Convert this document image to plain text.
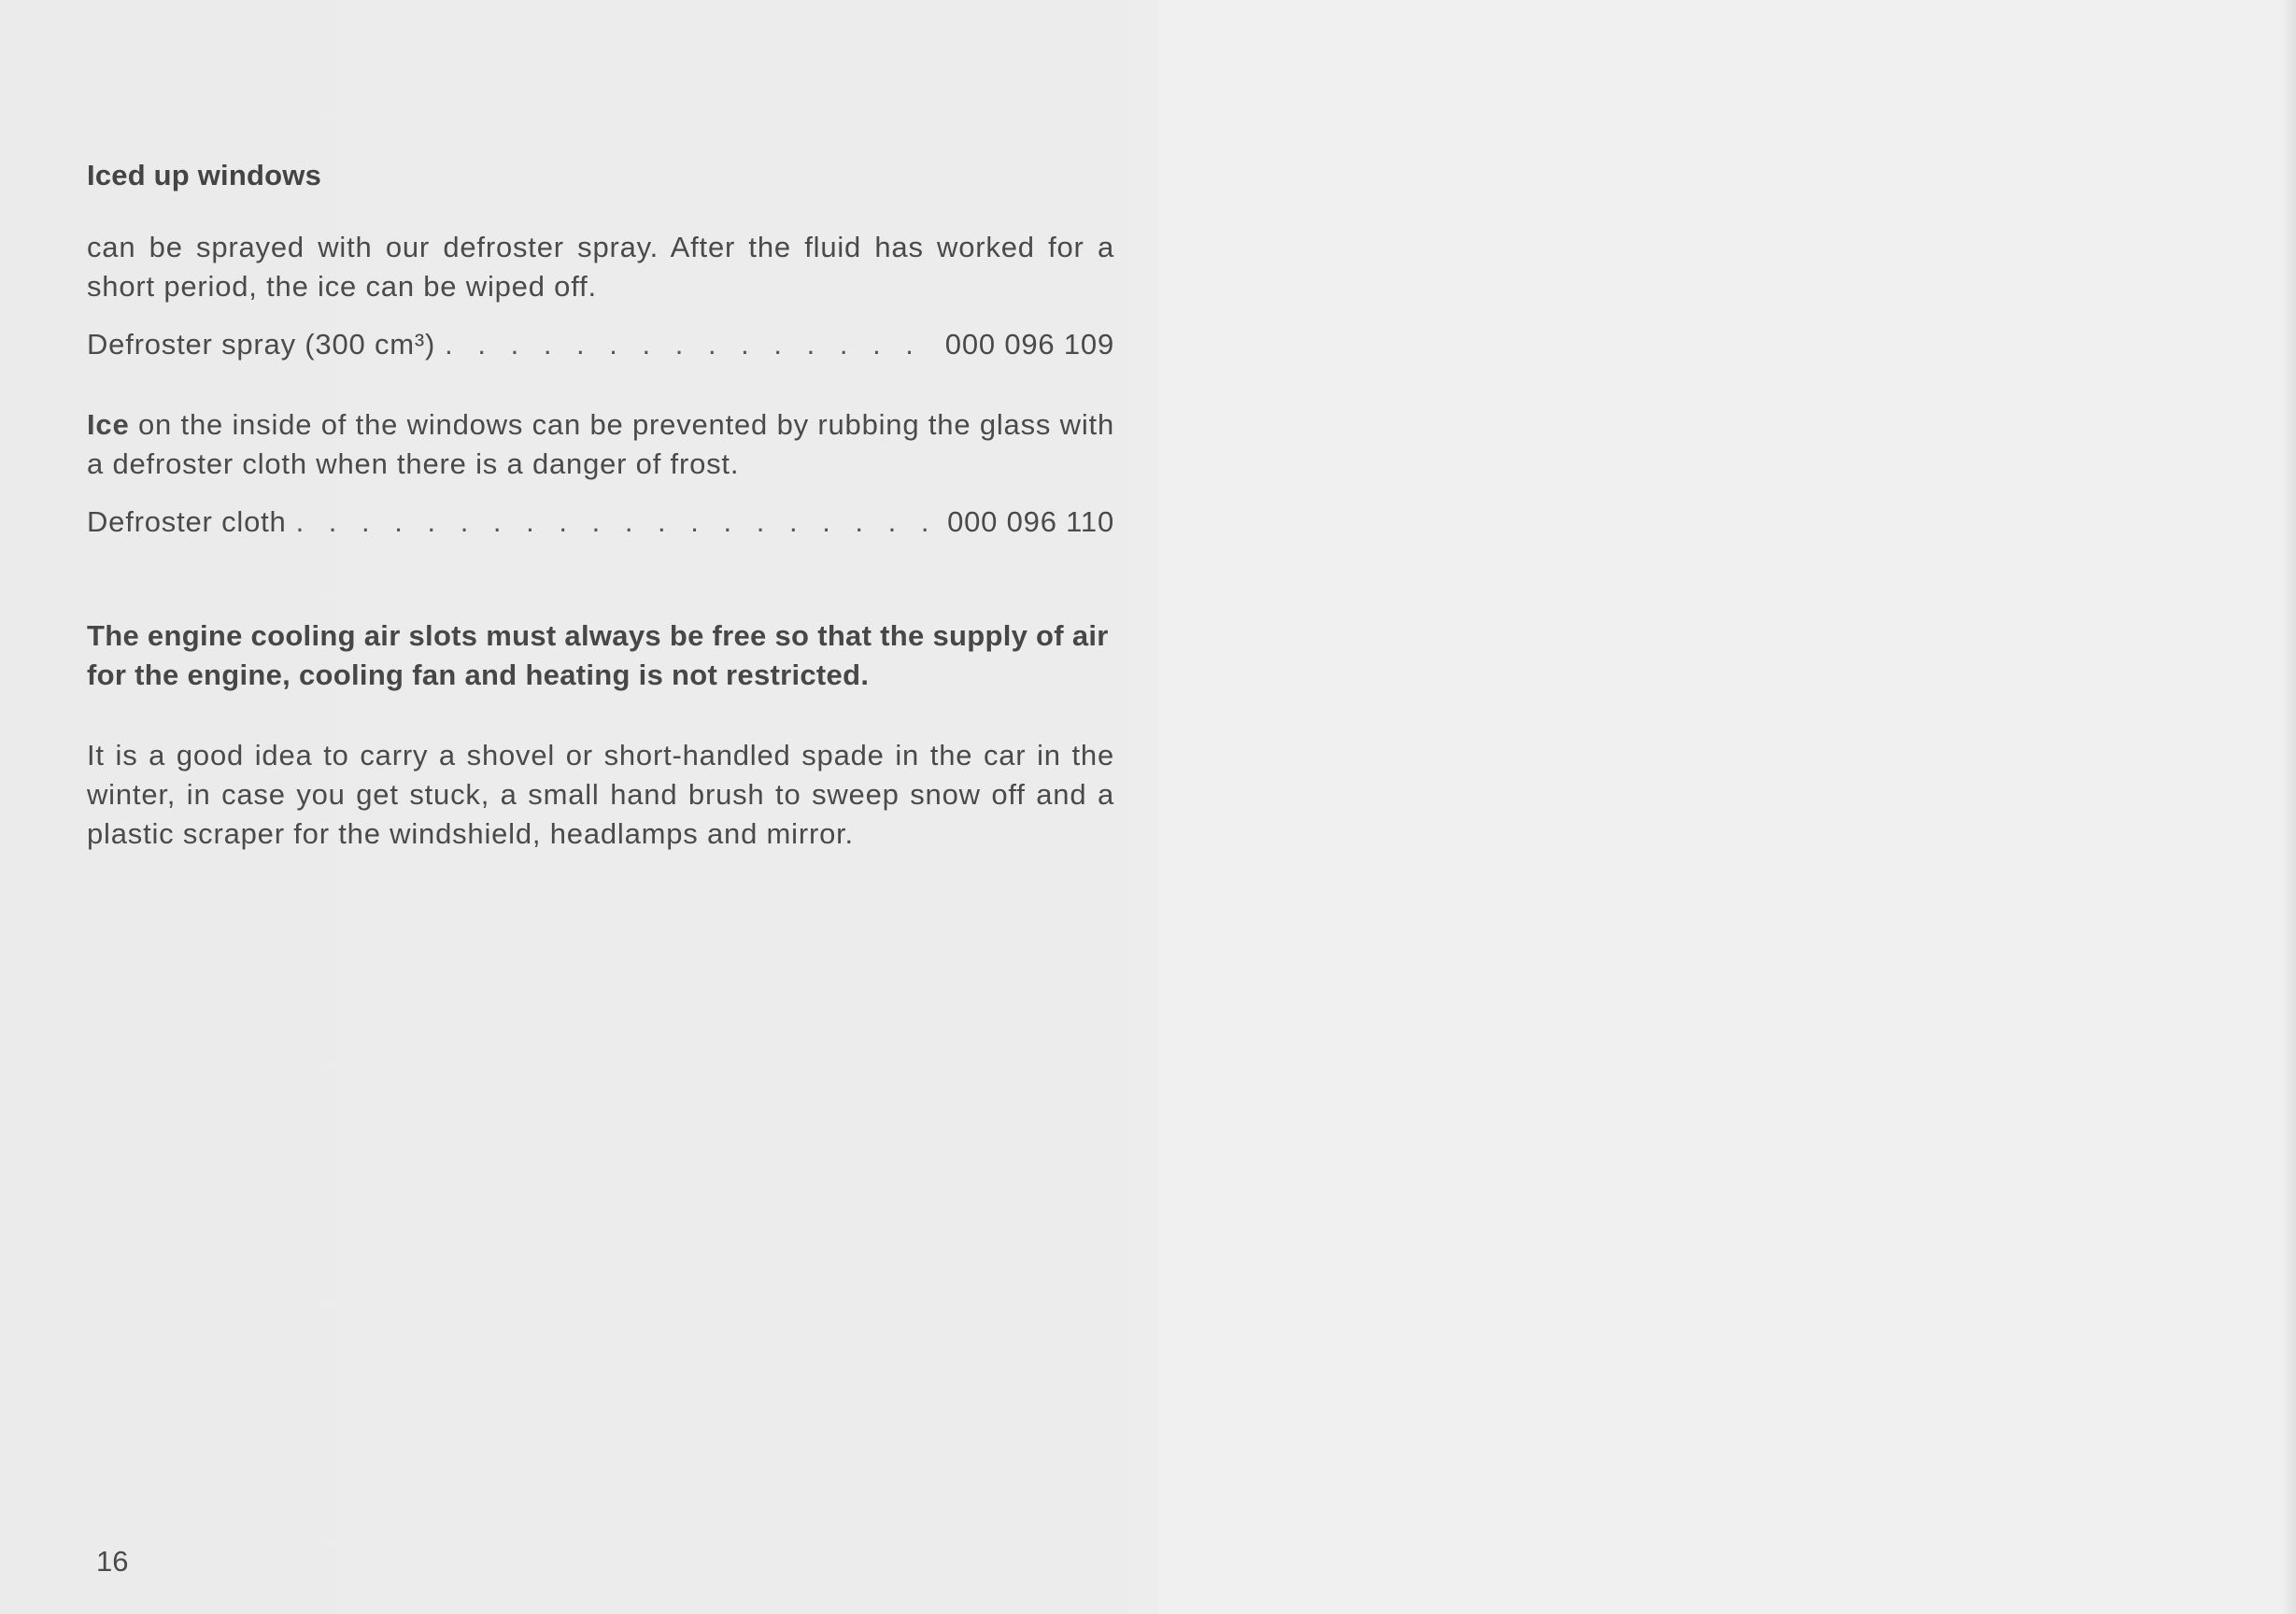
Iced up windows

can be sprayed with our defroster spray. After the fluid has worked for a short period, the ice can be wiped off.

Defroster spray (300 cm³) . . .	000 096 109

Ice on the inside of the windows can be prevented by rubbing the glass with a defroster cloth when there is a danger of frost.

Defroster cloth . . .	000 096 110

The engine cooling air slots must always be free so that the supply of air for the engine, cooling fan and heating is not restricted.

It is a good idea to carry a shovel or short-handled spade in the car in the winter, in case you get stuck, a small hand brush to sweep snow off and a plastic scraper for the windshield, headlamps and mirror.

16
